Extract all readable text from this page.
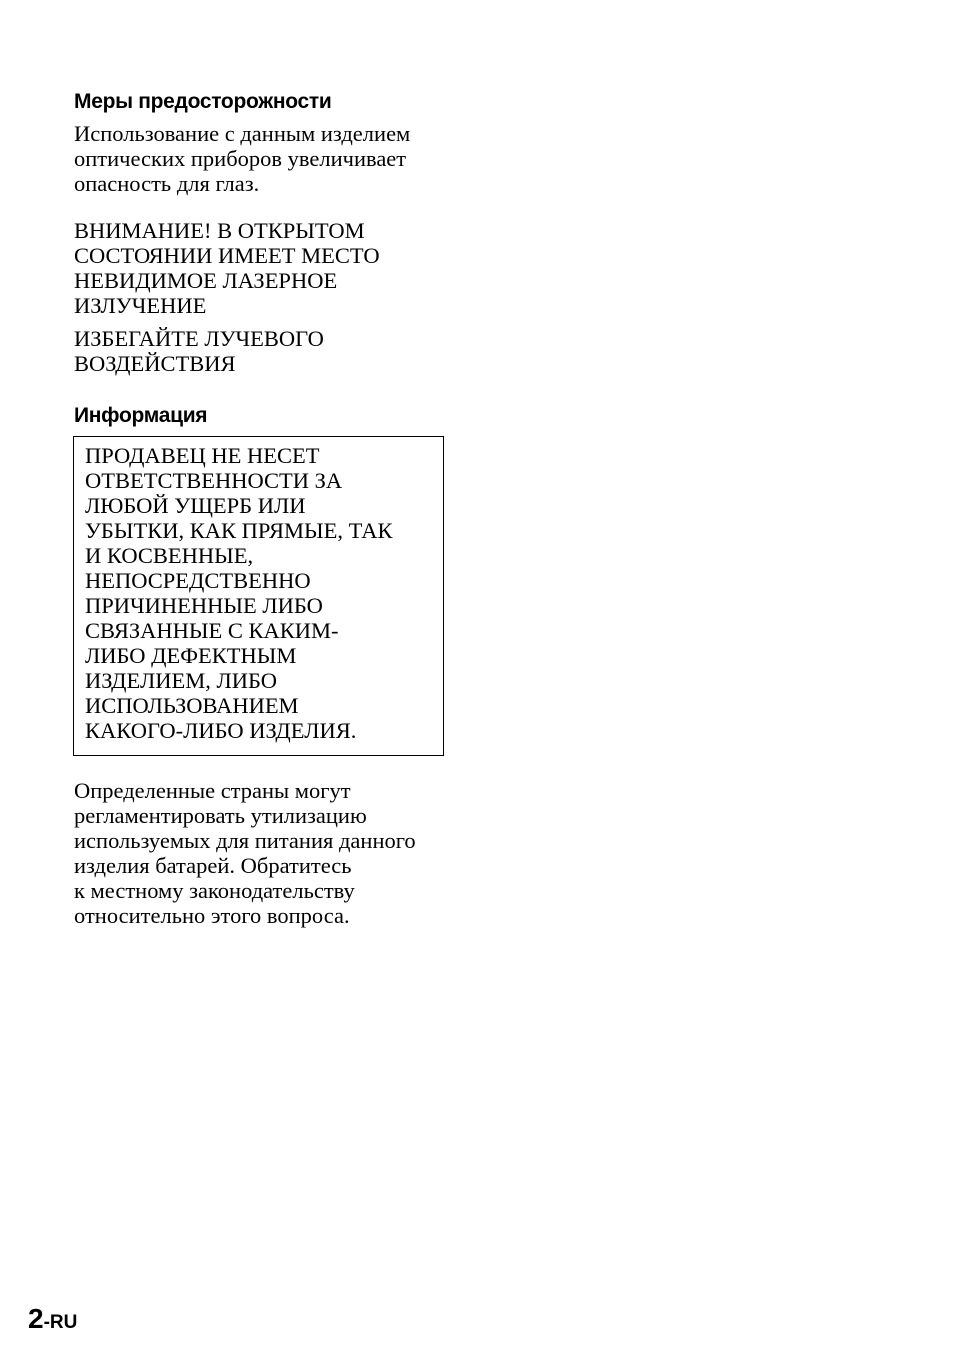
Меры предосторожности

Использование с данным изделием
оптических приборов увеличивает
опасность для глаз.

ВНИМАНИЕ! В ОТКРЫТОМ
СОСТОЯНИИ ИМЕЕТ МЕСТО
НЕВИДИМОЕ ЛАЗЕРНОЕ
ИЗЛУЧЕНИЕ

ИЗБЕГАЙТЕ ЛУЧЕВОГО
ВОЗДЕЙСТВИЯ

Информация

ПРОДАВЕЦ НЕ НЕСЕТ
ОТВЕТСТВЕННОСТИ ЗА
ЛЮБОЙ УЩЕРБ ИЛИ
УБЫТКИ, КАК ПРЯМЫЕ, ТАК
И КОСВЕННЫЕ,
НЕПОСРЕДСТВЕННО
ПРИЧИНЕННЫЕ ЛИБО
СВЯЗАННЫЕ С КАКИМ-
ЛИБО ДЕФЕКТНЫМ
ИЗДЕЛИЕМ, ЛИБО
ИСПОЛЬЗОВАНИЕМ
КАКОГО-ЛИБО ИЗДЕЛИЯ.

Определенные страны могут
регламентировать утилизацию
используемых для питания данного
изделия батарей. Обратитесь
к местному законодательству
относительно этого вопроса.

2-RU
